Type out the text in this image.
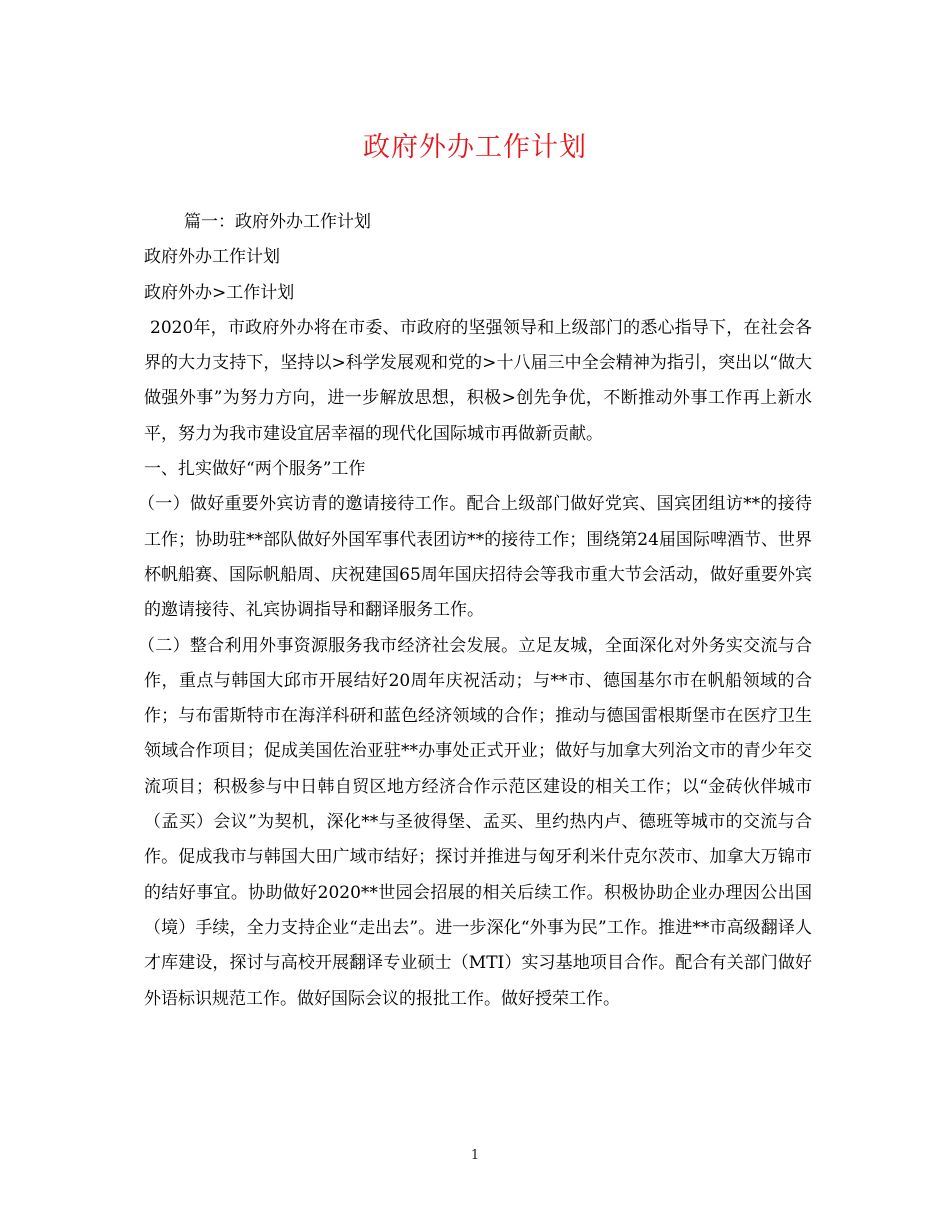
政府外办工作计划

篇一：政府外办工作计划

政府外办工作计划

政府外办>工作计划

2020年，市政府外办将在市委、市政府的坚强领导和上级部门的悉心指导下，在社会各界的大力支持下，坚持以>科学发展观和党的>十八届三中全会精神为指引，突出以“做大做强外事”为努力方向，进一步解放思想，积极>创先争优，不断推动外事工作再上新水平，努力为我市建设宜居幸福的现代化国际城市再做新贡献。

一、扎实做好“两个服务”工作

（一）做好重要外宾访青的邀请接待工作。配合上级部门做好党宾、国宾团组访**的接待工作；协助驻**部队做好外国军事代表团访**的接待工作；围绕第24届国际啤酒节、世界杯帆船赛、国际帆船周、庆祝建国65周年国庆招待会等我市重大节会活动，做好重要外宾的邀请接待、礼宾协调指导和翻译服务工作。

（二）整合利用外事资源服务我市经济社会发展。立足友城，全面深化对外务实交流与合作，重点与韩国大邱市开展结好20周年庆祝活动；与**市、德国基尔市在帆船领域的合作；与布雷斯特市在海洋科研和蓝色经济领域的合作；推动与德国雷根斯堡市在医疗卫生领域合作项目；促成美国佐治亚驻**办事处正式开业；做好与加拿大列治文市的青少年交流项目；积极参与中日韩自贸区地方经济合作示范区建设的相关工作；以“金砖伙伴城市（孟买）会议”为契机，深化**与圣彼得堡、孟买、里约热内卢、德班等城市的交流与合作。促成我市与韩国大田广域市结好；探讨并推进与匈牙利米什克尔茨市、加拿大万锦市的结好事宜。协助做好2020**世园会招展的相关后续工作。积极协助企业办理因公出国（境）手续，全力支持企业“走出去”。进一步深化“外事为民”工作。推进**市高级翻译人才库建设，探讨与高校开展翻译专业硕士（MTI）实习基地项目合作。配合有关部门做好外语标识规范工作。做好国际会议的报批工作。做好授荣工作。

1
